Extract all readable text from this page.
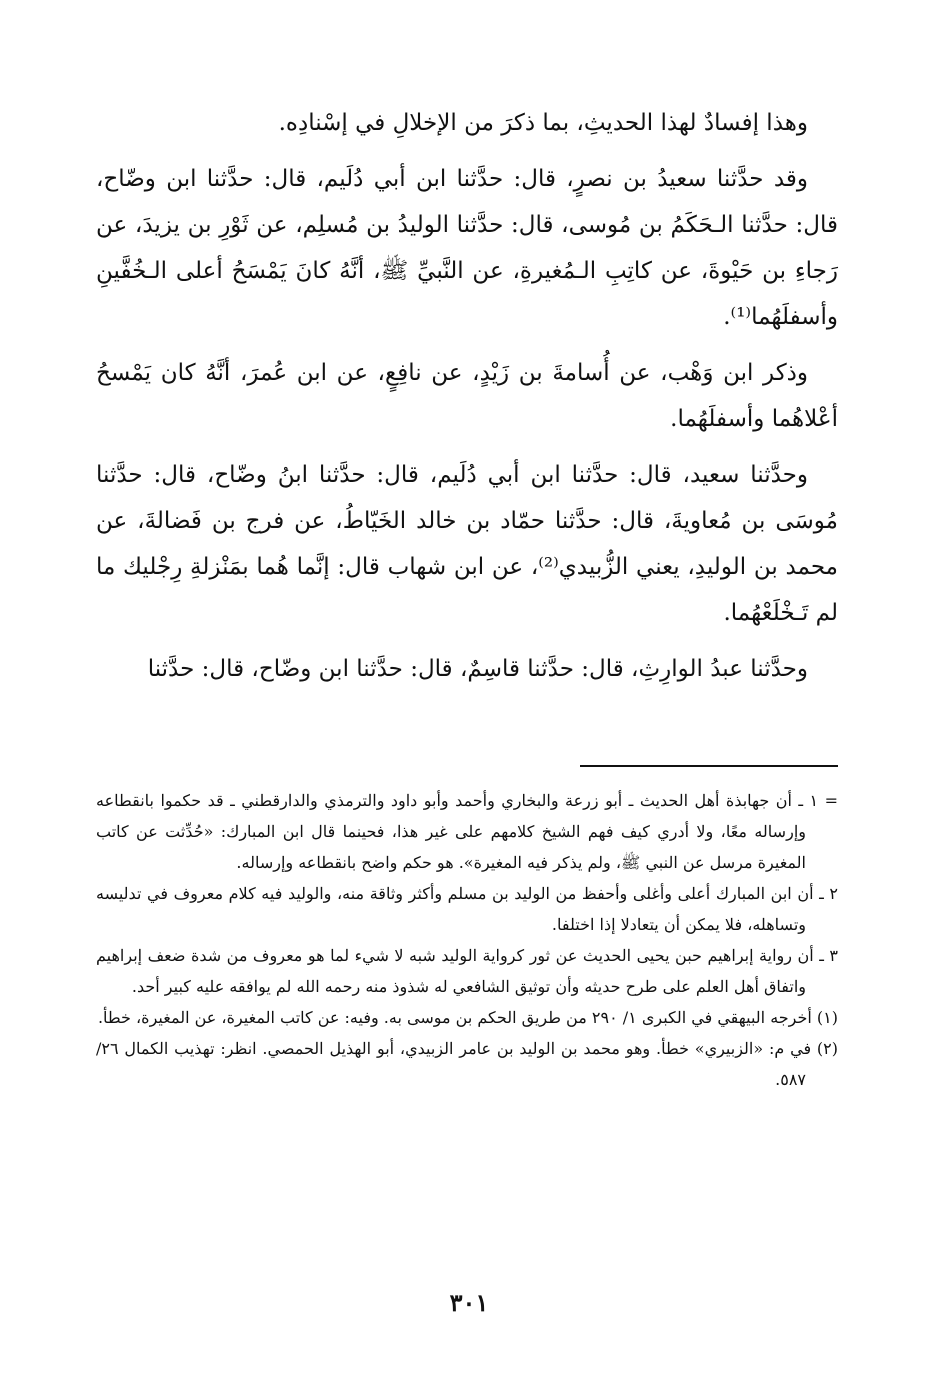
وهذا إفسادٌ لهذا الحديثِ، بما ذكرَ من الإخلالِ في إسْنادِه.

وقد حدَّثنا سعيدُ بن نصرٍ، قال: حدَّثنا ابن أبي دُلَيم، قال: حدَّثنا ابن وضّاح، قال: حدَّثنا الـحَكَمُ بن مُوسى، قال: حدَّثنا الوليدُ بن مُسلِم، عن ثَوْرِ بن يزيدَ، عن رَجاءِ بن حَيْوةَ، عن كاتِبِ الـمُغيرةِ، عن النَّبيِّ ﷺ، أنَّهُ كانَ يَمْسَحُ أعلى الـخُفَّينِ وأسفلَهُما⁽¹⁾.

وذكر ابن وَهْب، عن أُسامةَ بن زَيْدٍ، عن نافِعٍ، عن ابن عُمرَ، أنَّهُ كان يَمْسحُ أعْلاهُما وأسفلَهُما.

وحدَّثنا سعيد، قال: حدَّثنا ابن أبي دُلَيم، قال: حدَّثنا ابنُ وضّاح، قال: حدَّثنا مُوسَى بن مُعاويةَ، قال: حدَّثنا حمّاد بن خالد الخَيّاطُ، عن فرج بن فَضالةَ، عن محمد بن الوليدِ، يعني الزُّبيدي⁽²⁾، عن ابن شهاب قال: إنَّما هُما بمَنْزلةِ رِجْليك ما لم تَـخْلَعْهُما.

وحدَّثنا عبدُ الوارِثِ، قال: حدَّثنا قاسِمٌ، قال: حدَّثنا ابن وضّاح، قال: حدَّثنا

= ١ ـ أن جهابذة أهل الحديث ـ أبو زرعة والبخاري وأحمد وأبو داود والترمذي والدارقطني ـ قد حكموا بانقطاعه وإرساله معًا، ولا أدري كيف فهم الشيخ كلامهم على غير هذا، فحينما قال ابن المبارك: «حُدِّثت عن كاتب المغيرة مرسل عن النبي ﷺ، ولم يذكر فيه المغيرة». هو حكم واضح بانقطاعه وإرساله.

٢ ـ أن ابن المبارك أعلى وأغلى وأحفظ من الوليد بن مسلم وأكثر وثاقة منه، والوليد فيه كلام معروف في تدليسه وتساهله، فلا يمكن أن يتعادلا إذا اختلفا.

٣ ـ أن رواية إبراهيم حبن يحيى الحديث عن ثور كرواية الوليد شبه لا شيء لما هو معروف من شدة ضعف إبراهيم واتفاق أهل العلم على طرح حديثه وأن توثيق الشافعي له شذوذ منه رحمه الله لم يوافقه عليه كبير أحد.

(١) أخرجه البيهقي في الكبرى ١/ ٢٩٠ من طريق الحكم بن موسى به. وفيه: عن كاتب المغيرة، عن المغيرة، خطأ.

(٢) في م: «الزبيري» خطأ. وهو محمد بن الوليد بن عامر الزبيدي، أبو الهذيل الحمصي. انظر: تهذيب الكمال ٢٦/ ٥٨٧.

٣٠١
